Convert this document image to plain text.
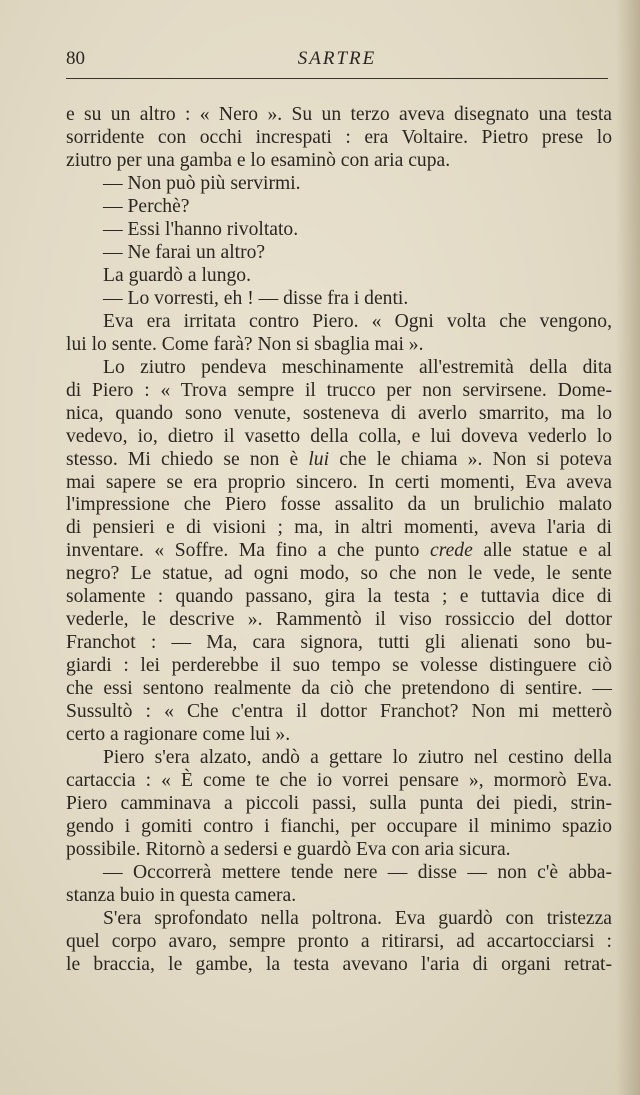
80	SARTRE
e su un altro : « Nero ». Su un terzo aveva disegnato una testa
sorridente con occhi increspati : era Voltaire. Pietro prese lo
ziutro per una gamba e lo esaminò con aria cupa.
— Non può più servirmi.
— Perchè?
— Essi l'hanno rivoltato.
— Ne farai un altro?
La guardò a lungo.
— Lo vorresti, eh ! — disse fra i denti.
Eva era irritata contro Piero. « Ogni volta che vengono,
lui lo sente. Come farà? Non si sbaglia mai ».
Lo ziutro pendeva meschinamente all'estremità della dita
di Piero : « Trova sempre il trucco per non servirsene. Dome-
nica, quando sono venute, sosteneva di averlo smarrito, ma lo
vedevo, io, dietro il vasetto della colla, e lui doveva vederlo lo
stesso. Mi chiedo se non è lui che le chiama ». Non si poteva
mai sapere se era proprio sincero. In certi momenti, Eva aveva
l'impressione che Piero fosse assalito da un brulichio malato
di pensieri e di visioni ; ma, in altri momenti, aveva l'aria di
inventare. « Soffre. Ma fino a che punto crede alle statue e al
negro? Le statue, ad ogni modo, so che non le vede, le sente
solamente : quando passano, gira la testa ; e tuttavia dice di
vederle, le descrive ». Rammentò il viso rossiccio del dottor
Franchot : — Ma, cara signora, tutti gli alienati sono bu-
giardi : lei perderebbe il suo tempo se volesse distinguere ciò
che essi sentono realmente da ciò che pretendono di sentire. —
Sussultò : « Che c'entra il dottor Franchot? Non mi metterò
certo a ragionare come lui ».
Piero s'era alzato, andò a gettare lo ziutro nel cestino della
cartaccia : « È come te che io vorrei pensare », mormorò Eva.
Piero camminava a piccoli passi, sulla punta dei piedi, strin-
gendo i gomiti contro i fianchi, per occupare il minimo spazio
possibile. Ritornò a sedersi e guardò Eva con aria sicura.
— Occorrerà mettere tende nere — disse — non c'è abba-
stanza buio in questa camera.
S'era sprofondato nella poltrona. Eva guardò con tristezza
quel corpo avaro, sempre pronto a ritirarsi, ad accartocciarsi :
le braccia, le gambe, la testa avevano l'aria di organi retrat-
